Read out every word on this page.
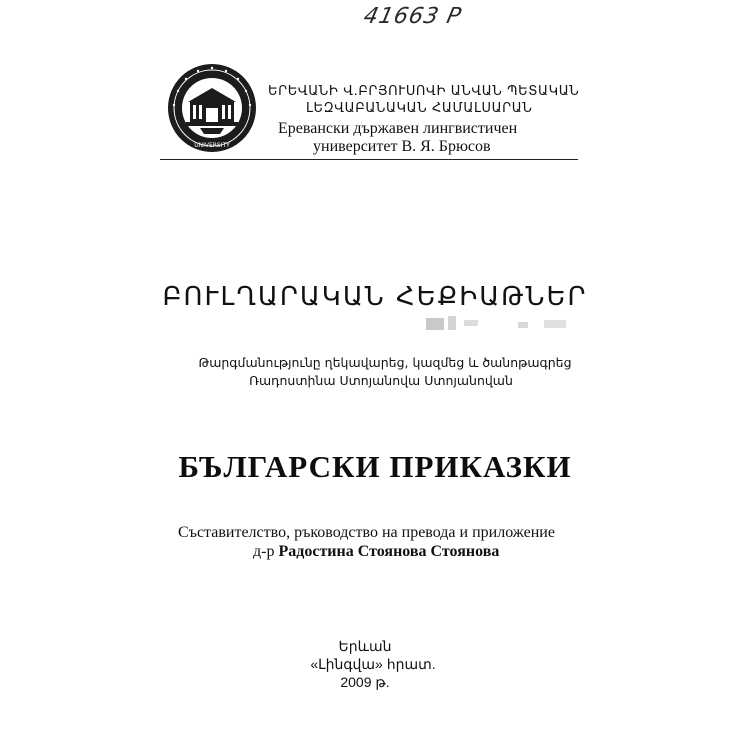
41663 P
UNIVERSITY
ԵՐԵՎԱՆԻ Վ.ԲՐՅՈՒՍՈՎԻ ԱՆՎԱՆ ՊԵՏԱԿԱՆ
ԼԵԶՎԱԲԱՆԱԿԱՆ ՀԱՄԱԼՍԱՐԱՆ
Еревански държавен лингвистичен
университет В. Я. Брюсов
ԲՈՒԼՂԱՐԱԿԱՆ ՀԵՔԻԱԹՆԵՐ
Թարգմանությունը ղեկավարեց, կազմեց և ծանոթագրեց
Ռադոստինա Ստոյանովա Ստոյանովան
БЪЛГАРСКИ ПРИКАЗКИ
Съставителство, ръководство на превода и приложение
д-р Радостина Стоянова Стоянова
Երևան
«Լինգվա» հրատ.
2009 թ.
